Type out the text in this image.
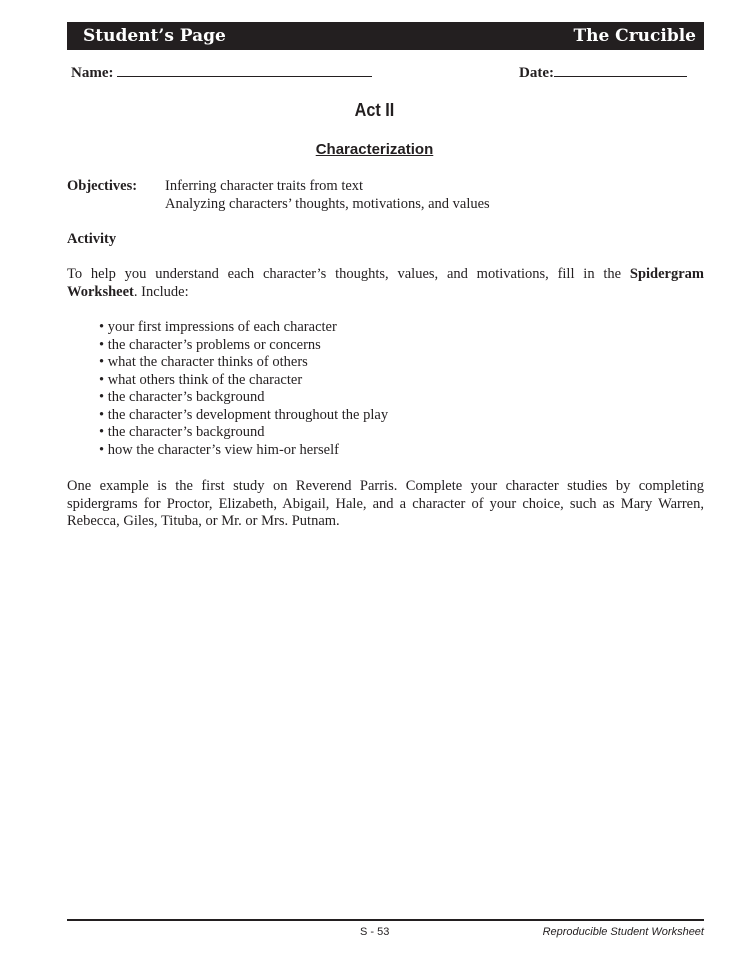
Student’s Page	The Crucible
Name:	Date:
Act II
Characterization
Objectives:	Inferring character traits from text
Analyzing characters’ thoughts, motivations, and values
Activity
To help you understand each character’s thoughts, values, and motivations, fill in the Spidergram Worksheet. Include:
• your first impressions of each character
• the character’s problems or concerns
• what the character thinks of others
• what others think of the character
• the character’s background
• the character’s development throughout the play
• the character’s background
• how the character’s view him-or herself
One example is the first study on Reverend Parris. Complete your character studies by completing spidergrams for Proctor, Elizabeth, Abigail, Hale, and a character of your choice, such as Mary Warren, Rebecca, Giles, Tituba, or Mr. or Mrs. Putnam.
S - 53	Reproducible Student Worksheet
